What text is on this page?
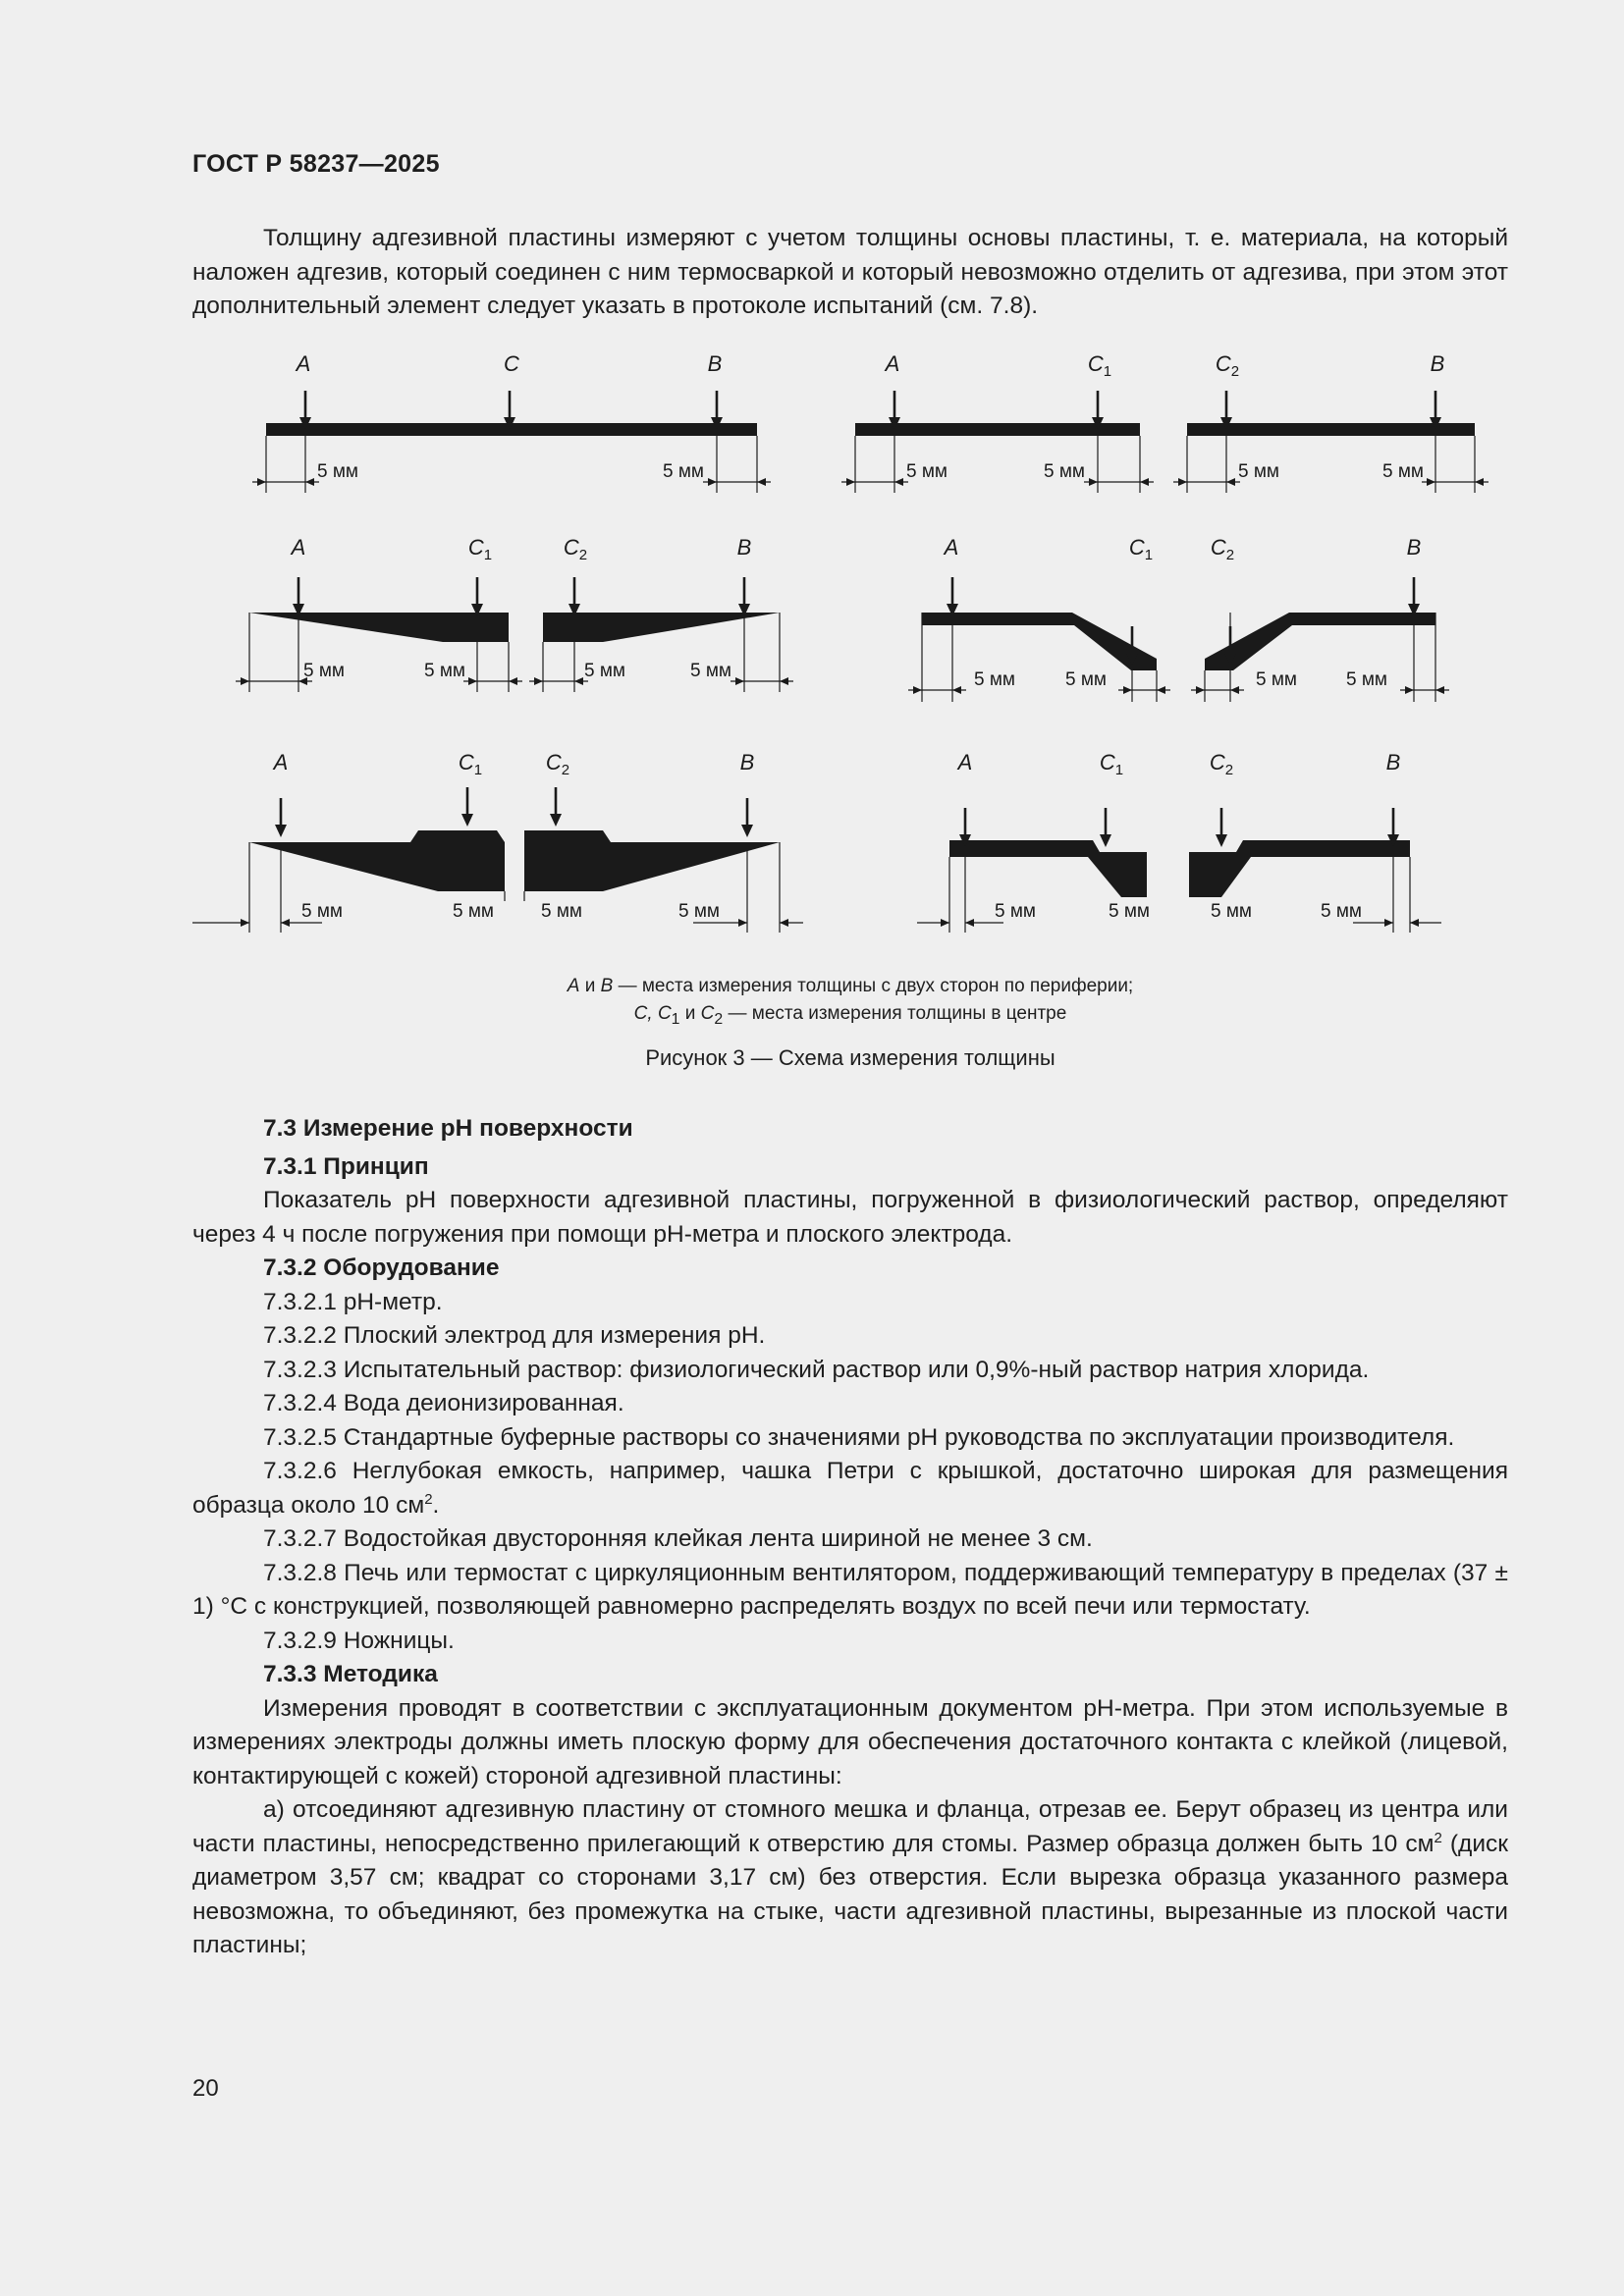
ГОСТ Р 58237—2025

Толщину адгезивной пластины измеряют с учетом толщины основы пластины, т. е. материала, на который наложен адгезив, который соединен с ним термосваркой и который невозможно отделить от адгезива, при этом этот дополнительный элемент следует указать в протоколе испытаний (см. 7.8).

A	C	B
5 мм	5 мм
A	$C_1$
5 мм	5 мм
$C_2$	B
5 мм	5 мм
A	$C_1$
5 мм	5 мм
$C_2$	B
5 мм	5 мм
A	$C_1$
5 мм	5 мм
$C_2$	B
5 мм	5 мм
A	$C_1$
5 мм	5 мм
$C_2$	B
5 мм	5 мм
A	$C_1$
5 мм	5 мм
$C_2$	B
5 мм	5 мм
A и B — места измерения толщины с двух сторон по периферии;
C, $C_1$ и $C_2$ — места измерения толщины в центре
Рисунок 3 — Схема измерения толщины

7.3 Измерение pH поверхности

7.3.1 Принцип

Показатель pH поверхности адгезивной пластины, погруженной в физиологический раствор, определяют через 4 ч после погружения при помощи pH-метра и плоского электрода.

7.3.2 Оборудование

7.3.2.1 pH-метр.

7.3.2.2 Плоский электрод для измерения pH.

7.3.2.3 Испытательный раствор: физиологический раствор или 0,9%-ный раствор натрия хлорида.

7.3.2.4 Вода деионизированная.

7.3.2.5 Стандартные буферные растворы со значениями pH руководства по эксплуатации производителя.

7.3.2.6 Неглубокая емкость, например, чашка Петри с крышкой, достаточно широкая для размещения образца около 10 $см^2$.

7.3.2.7 Водостойкая двусторонняя клейкая лента шириной не менее 3 см.

7.3.2.8 Печь или термостат с циркуляционным вентилятором, поддерживающий температуру в пределах (37 ± 1) °С с конструкцией, позволяющей равномерно распределять воздух по всей печи или термостату.

7.3.2.9 Ножницы.

7.3.3 Методика

Измерения проводят в соответствии с эксплуатационным документом pH-метра. При этом используемые в измерениях электроды должны иметь плоскую форму для обеспечения достаточного контакта с клейкой (лицевой, контактирующей с кожей) стороной адгезивной пластины:

а) отсоединяют адгезивную пластину от стомного мешка и фланца, отрезав ее. Берут образец из центра или части пластины, непосредственно прилегающий к отверстию для стомы. Размер образца должен быть 10 $см^2$ (диск диаметром 3,57 см; квадрат со сторонами 3,17 см) без отверстия. Если вырезка образца указанного размера невозможна, то объединяют, без промежутка на стыке, части адгезивной пластины, вырезанные из плоской части пластины;

20
